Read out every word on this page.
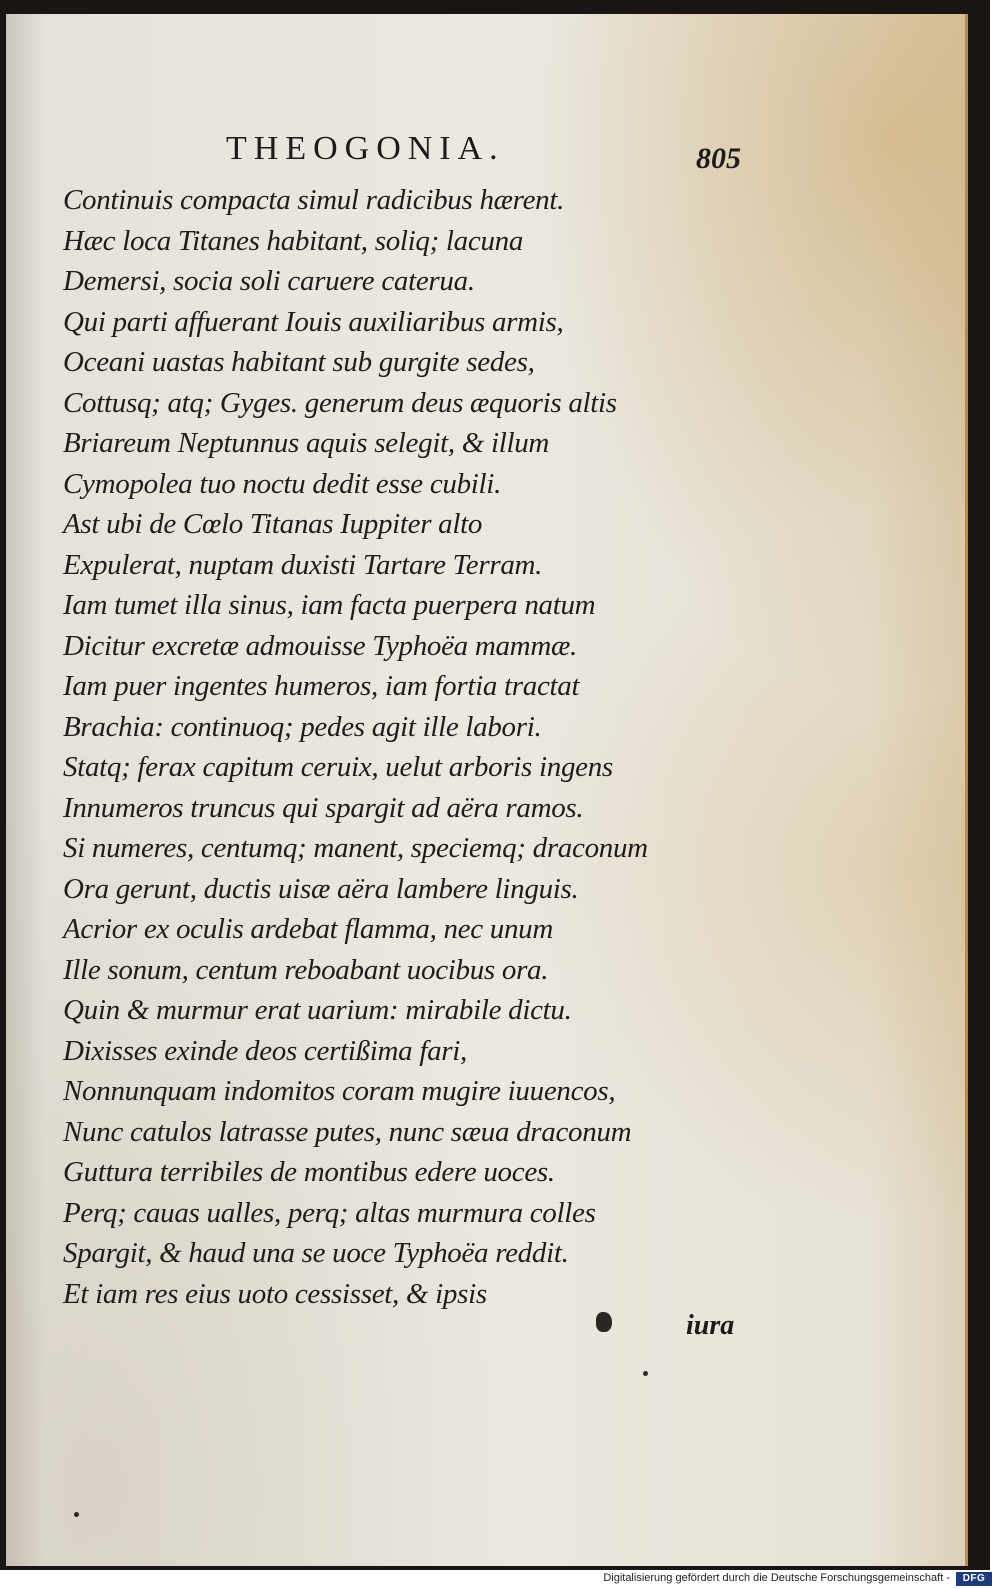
THEOGONIA.	805
Continuis compacta simul radicibus hærent.
Hæc loca Titanes habitant, soliq; lacuna
Demersi, socia soli caruere caterua.
Qui parti affuerant Iouis auxiliaribus armis,
Oceani uastas habitant sub gurgite sedes,
Cottusq; atq; Gyges. generum deus æquoris altis
Briareum Neptunnus aquis selegit, & illum
Cymopolea tuo noctu dedit esse cubili.
Ast ubi de Cœlo Titanas Iuppiter alto
Expulerat, nuptam duxisti Tartare Terram.
Iam tumet illa sinus, iam facta puerpera natum
Dicitur excretæ admouisse Typhoëa mammæ.
Iam puer ingentes humeros, iam fortia tractat
Brachia: continuoq; pedes agit ille labori.
Statq; ferax capitum ceruix, uelut arboris ingens
Innumeros truncus qui spargit ad aëra ramos.
Si numeres, centumq; manent, speciemq; draconum
Ora gerunt, ductis uisæ aëra lambere linguis.
Acrior ex oculis ardebat flamma, nec unum
Ille sonum, centum reboabant uocibus ora.
Quin & murmur erat uarium: mirabile dictu.
Dixisses exinde deos certißima fari,
Nonnunquam indomitos coram mugire iuuencos,
Nunc catulos latrasse putes, nunc sæua draconum
Guttura terribiles de montibus edere uoces.
Perq; cauas ualles, perq; altas murmura colles
Spargit, & haud una se uoce Typhoëa reddit.
Et iam res eius uoto cessisset, & ipsis
iura
Digitalisierung gefördert durch die Deutsche Forschungsgemeinschaft -	DFG
